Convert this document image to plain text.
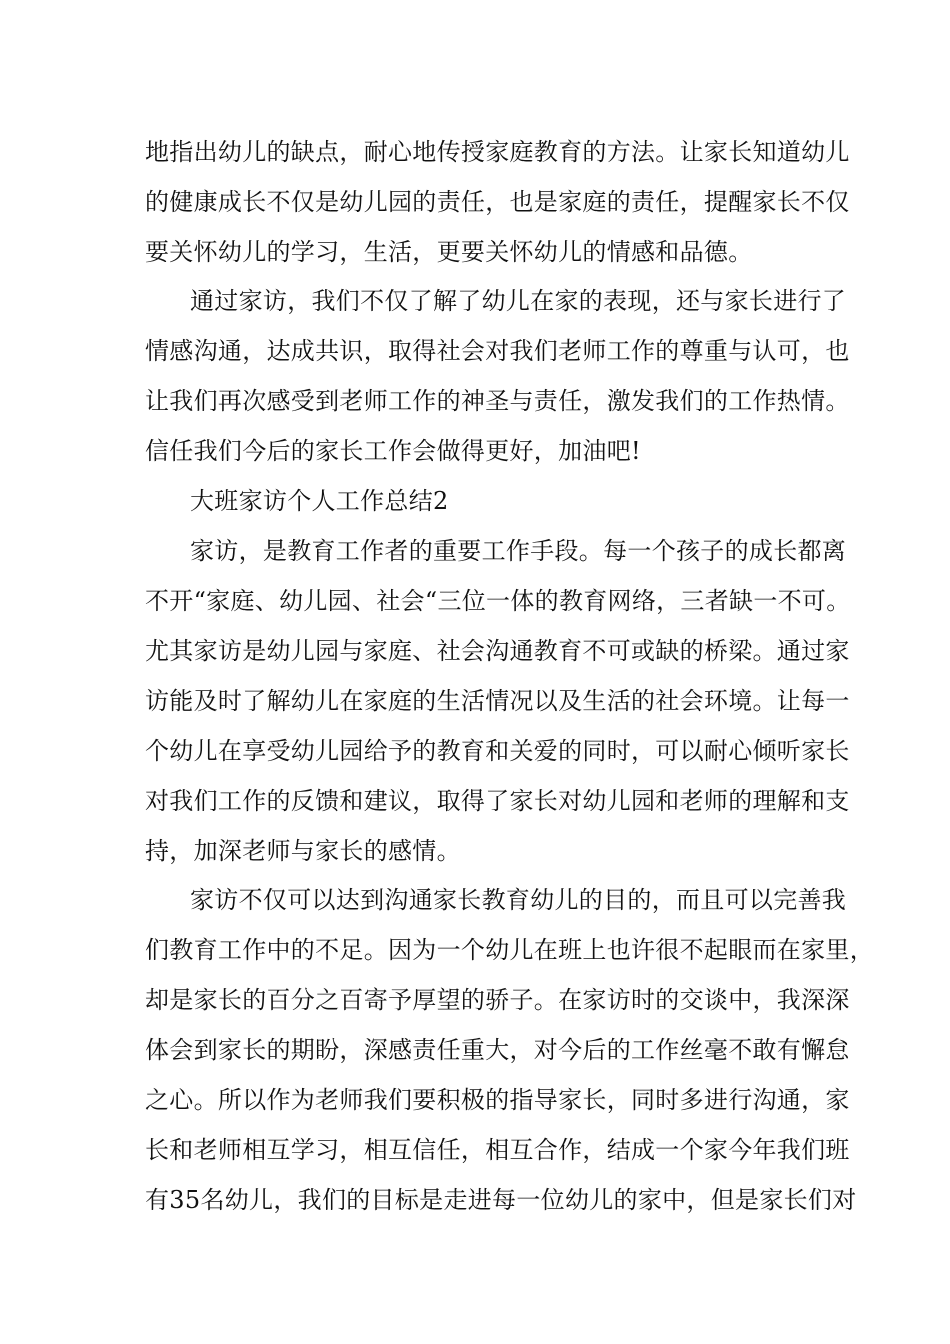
地指出幼儿的缺点，耐心地传授家庭教育的方法。让家长知道幼儿
的健康成长不仅是幼儿园的责任，也是家庭的责任，提醒家长不仅
要关怀幼儿的学习，生活，更要关怀幼儿的情感和品德。
通过家访，我们不仅了解了幼儿在家的表现，还与家长进行了
情感沟通，达成共识，取得社会对我们老师工作的尊重与认可，也
让我们再次感受到老师工作的神圣与责任，激发我们的工作热情。
信任我们今后的家长工作会做得更好，加油吧!
大班家访个人工作总结2
家访，是教育工作者的重要工作手段。每一个孩子的成长都离
不开“家庭、幼儿园、社会“三位一体的教育网络，三者缺一不可。
尤其家访是幼儿园与家庭、社会沟通教育不可或缺的桥梁。通过家
访能及时了解幼儿在家庭的生活情况以及生活的社会环境。让每一
个幼儿在享受幼儿园给予的教育和关爱的同时，可以耐心倾听家长
对我们工作的反馈和建议，取得了家长对幼儿园和老师的理解和支
持，加深老师与家长的感情。
家访不仅可以达到沟通家长教育幼儿的目的，而且可以完善我
们教育工作中的不足。因为一个幼儿在班上也许很不起眼而在家里，
却是家长的百分之百寄予厚望的骄子。在家访时的交谈中，我深深
体会到家长的期盼，深感责任重大，对今后的工作丝毫不敢有懈怠
之心。所以作为老师我们要积极的指导家长，同时多进行沟通，家
长和老师相互学习，相互信任，相互合作，结成一个家今年我们班
有35名幼儿，我们的目标是走进每一位幼儿的家中，但是家长们对
